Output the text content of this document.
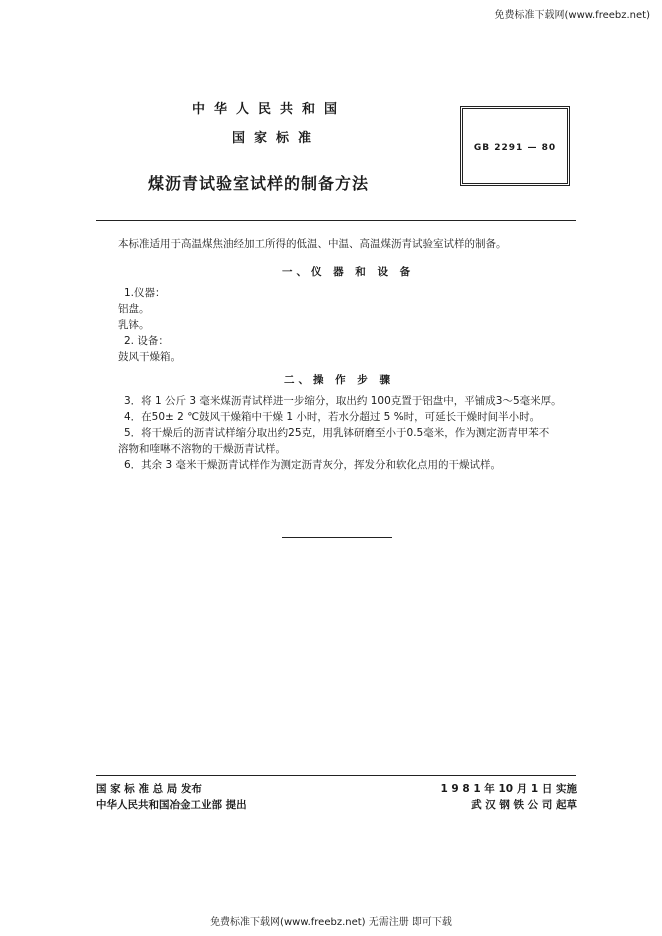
免费标准下载网(www.freebz.net)
中华人民共和国
国家标准
煤沥青试验室试样的制备方法
GB 2291 — 80
本标准适用于高温煤焦油经加工所得的低温、中温、高温煤沥青试验室试样的制备。
一、仪 器 和 设 备
1.仪器：
铝盘。
乳钵。
2. 设备：
鼓风干燥箱。
二、操 作 步 骤
3．将 1 公斤 3 毫米煤沥青试样进一步缩分，取出约 100克置于铝盘中，平铺成3～5毫米厚。
4．在50± 2 ℃鼓风干燥箱中干燥 1 小时，若水分超过 5 %时，可延长干燥时间半小时。
5．将干燥后的沥青试样缩分取出约25克，用乳钵研磨至小于0.5毫米，作为测定沥青甲苯不
溶物和喹啉不溶物的干燥沥青试样。
6．其余 3 毫米干燥沥青试样作为测定沥青灰分，挥发分和软化点用的干燥试样。
国 家 标 准 总 局 发布
中华人民共和国冶金工业部 提出
1 9 8 1 年 10 月 1 日 实施
武 汉 钢 铁 公 司 起草
免费标准下载网(www.freebz.net) 无需注册 即可下载
